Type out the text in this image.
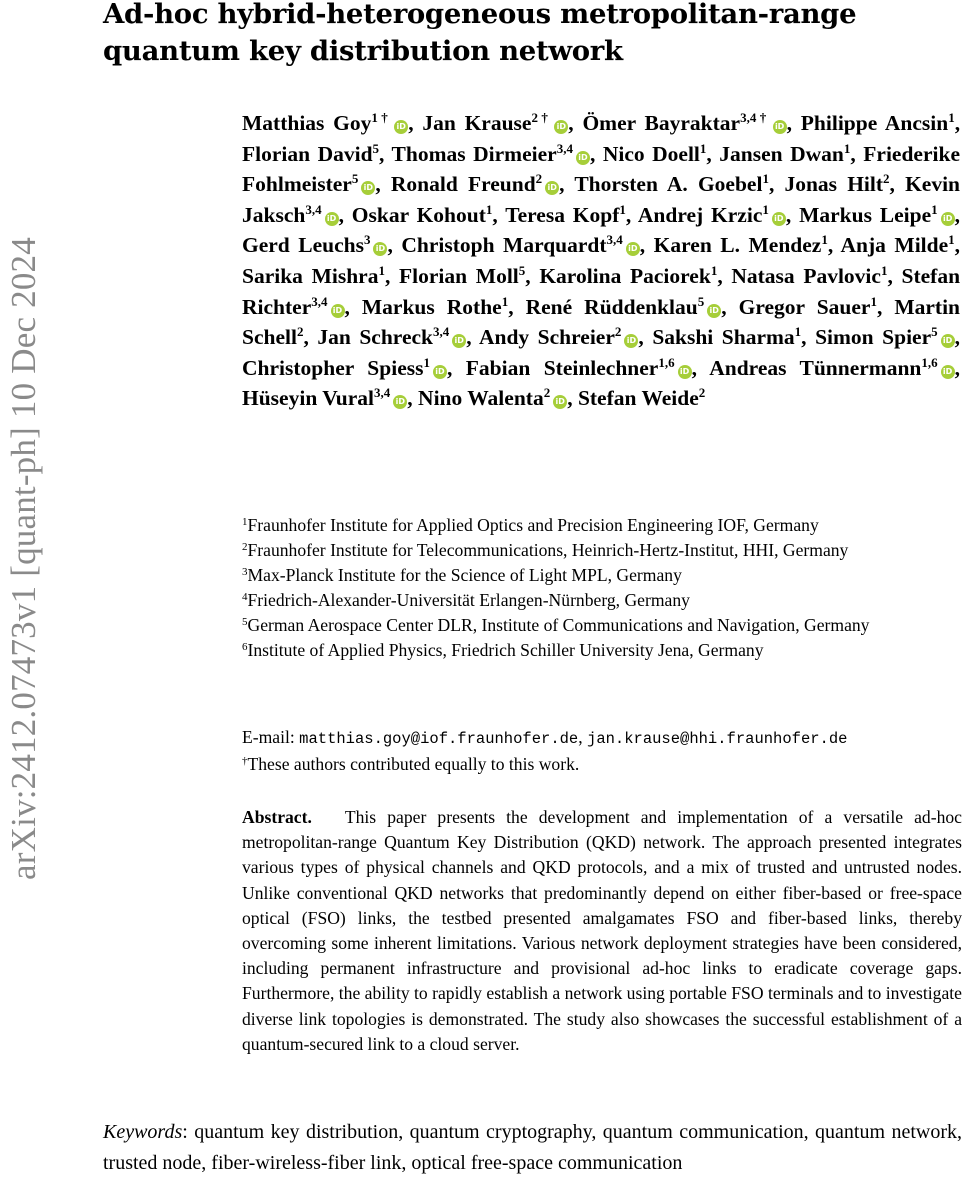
arXiv:2412.07473v1 [quant-ph] 10 Dec 2024
Ad-hoc hybrid-heterogeneous metropolitan-range quantum key distribution network
Matthias Goy$^{1\dagger}$iD , Jan Krause$^{2\dagger}$iD , Ömer Bayraktar$^{3,4\dagger}$iD , Philippe Ancsin$^1$, Florian David$^5$, Thomas Dirmeier$^{3,4}$iD , Nico Doell$^1$, Jansen Dwan$^1$, Friederike Fohlmeister$^5$iD , Ronald Freund$^2$iD , Thorsten A. Goebel$^1$, Jonas Hilt$^2$, Kevin Jaksch$^{3,4}$iD , Oskar Kohout$^1$, Teresa Kopf$^1$, Andrej Krzic$^1$iD , Markus Leipe$^1$iD , Gerd Leuchs$^3$iD , Christoph Marquardt$^{3,4}$iD , Karen L. Mendez$^1$, Anja Milde$^1$, Sarika Mishra$^1$, Florian Moll$^5$, Karolina Paciorek$^1$, Natasa Pavlovic$^1$, Stefan Richter$^{3,4}$iD , Markus Rothe$^1$, René Rüddenklau$^5$iD , Gregor Sauer$^1$, Martin Schell$^2$, Jan Schreck$^{3,4}$iD , Andy Schreier$^2$iD , Sakshi Sharma$^1$, Simon Spier$^5$iD , Christopher Spiess$^1$iD , Fabian Steinlechner$^{1,6}$iD , Andreas Tünnermann$^{1,6}$iD , Hüseyin Vural$^{3,4}$iD , Nino Walenta$^2$iD , Stefan Weide$^2$
$^1$Fraunhofer Institute for Applied Optics and Precision Engineering IOF, Germany
$^2$Fraunhofer Institute for Telecommunications, Heinrich-Hertz-Institut, HHI, Germany
$^3$Max-Planck Institute for the Science of Light MPL, Germany
$^4$Friedrich-Alexander-Universität Erlangen-Nürnberg, Germany
$^5$German Aerospace Center DLR, Institute of Communications and Navigation, Germany
$^6$Institute of Applied Physics, Friedrich Schiller University Jena, Germany
E-mail: matthias.goy@iof.fraunhofer.de, jan.krause@hhi.fraunhofer.de
†These authors contributed equally to this work.
Abstract. This paper presents the development and implementation of a versatile ad-hoc metropolitan-range Quantum Key Distribution (QKD) network. The approach presented integrates various types of physical channels and QKD protocols, and a mix of trusted and untrusted nodes. Unlike conventional QKD networks that predominantly depend on either fiber-based or free-space optical (FSO) links, the testbed presented amalgamates FSO and fiber-based links, thereby overcoming some inherent limitations. Various network deployment strategies have been considered, including permanent infrastructure and provisional ad-hoc links to eradicate coverage gaps. Furthermore, the ability to rapidly establish a network using portable FSO terminals and to investigate diverse link topologies is demonstrated. The study also showcases the successful establishment of a quantum-secured link to a cloud server.
Keywords: quantum key distribution, quantum cryptography, quantum communication, quantum network, trusted node, fiber-wireless-fiber link, optical free-space communication
